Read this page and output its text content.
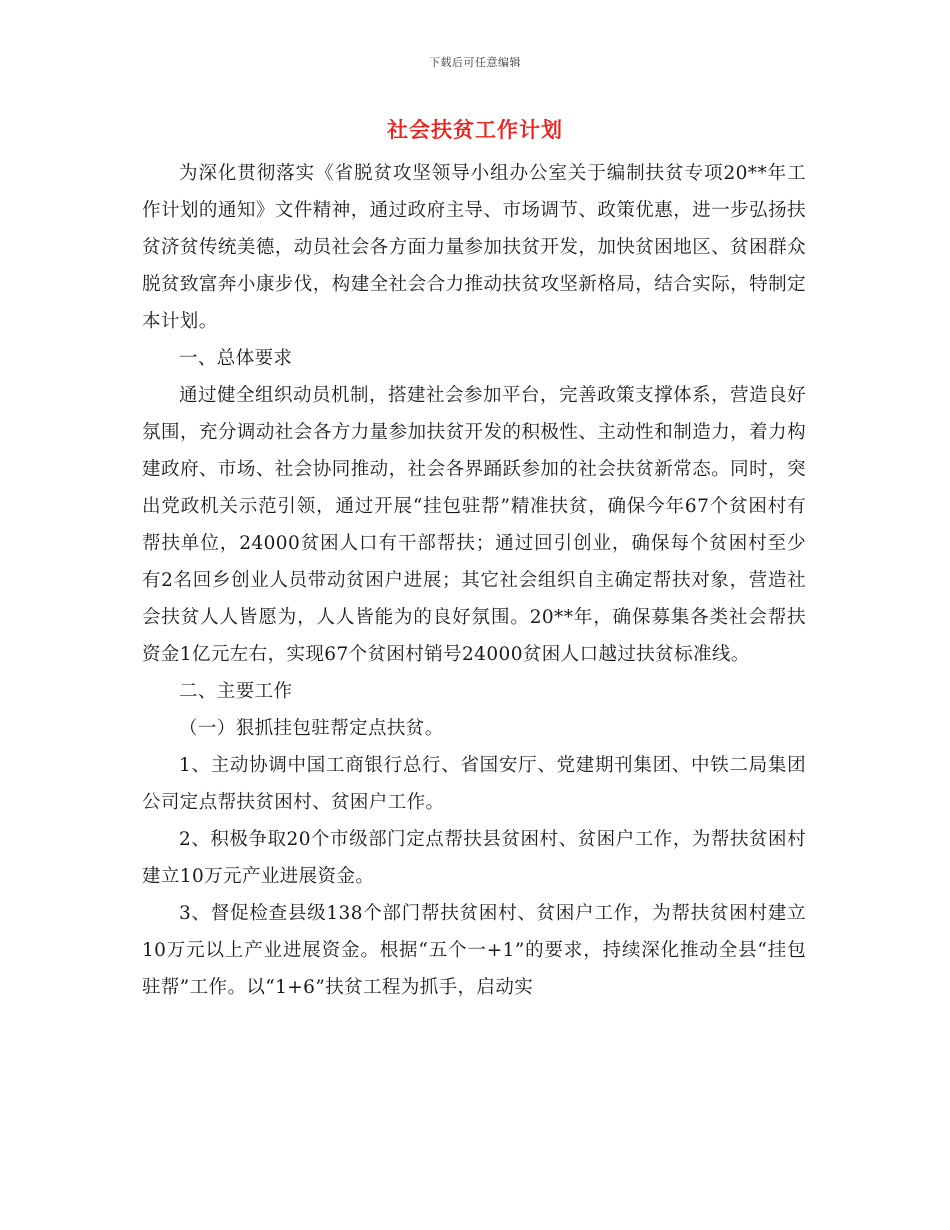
下载后可任意编辑
社会扶贫工作计划

为深化贯彻落实《省脱贫攻坚领导小组办公室关于编制扶贫专项20**年工作计划的通知》文件精神，通过政府主导、市场调节、政策优惠，进一步弘扬扶贫济贫传统美德，动员社会各方面力量参加扶贫开发，加快贫困地区、贫困群众脱贫致富奔小康步伐，构建全社会合力推动扶贫攻坚新格局，结合实际，特制定本计划。

一、总体要求

通过健全组织动员机制，搭建社会参加平台，完善政策支撑体系，营造良好氛围，充分调动社会各方力量参加扶贫开发的积极性、主动性和制造力，着力构建政府、市场、社会协同推动，社会各界踊跃参加的社会扶贫新常态。同时，突出党政机关示范引领，通过开展“挂包驻帮”精准扶贫，确保今年67个贫困村有帮扶单位，24000贫困人口有干部帮扶；通过回引创业，确保每个贫困村至少有2名回乡创业人员带动贫困户进展；其它社会组织自主确定帮扶对象，营造社会扶贫人人皆愿为，人人皆能为的良好氛围。20**年，确保募集各类社会帮扶资金1亿元左右，实现67个贫困村销号24000贫困人口越过扶贫标准线。

二、主要工作

（一）狠抓挂包驻帮定点扶贫。

1、主动协调中国工商银行总行、省国安厅、党建期刊集团、中铁二局集团公司定点帮扶贫困村、贫困户工作。

2、积极争取20个市级部门定点帮扶县贫困村、贫困户工作，为帮扶贫困村建立10万元产业进展资金。

3、督促检查县级138个部门帮扶贫困村、贫困户工作，为帮扶贫困村建立10万元以上产业进展资金。根据“五个一+1”的要求，持续深化推动全县“挂包驻帮”工作。以“1+6”扶贫工程为抓手，启动实
